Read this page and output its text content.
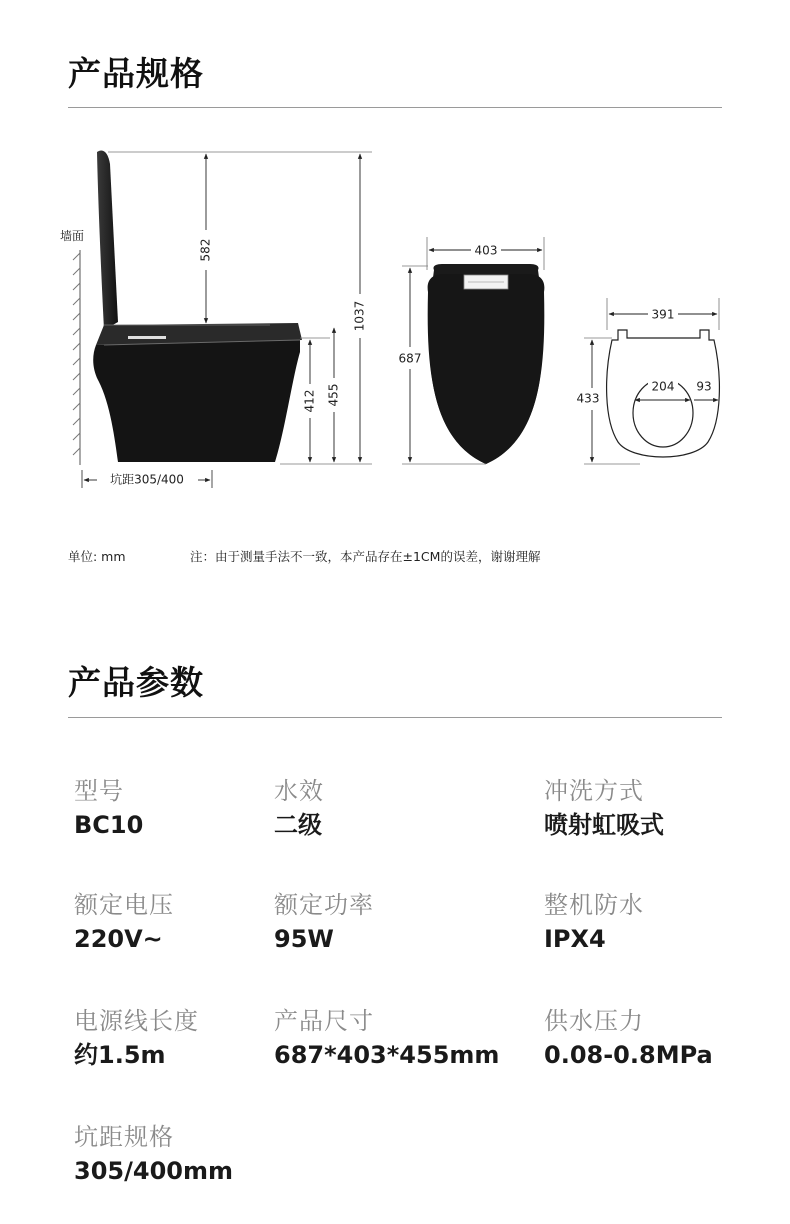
产品规格
墙面
582
412 455
1037
坑距305/400
403
687
391
204 93
433
单位: mm	注：由于测量手法不一致，本产品存在±1CM的误差，谢谢理解
产品参数
型号
BC10
水效
二级
冲洗方式
喷射虹吸式
额定电压
220V~
额定功率
95W
整机防水
IPX4
电源线长度
约1.5m
产品尺寸
687*403*455mm
供水压力
0.08-0.8MPa
坑距规格
305/400mm
